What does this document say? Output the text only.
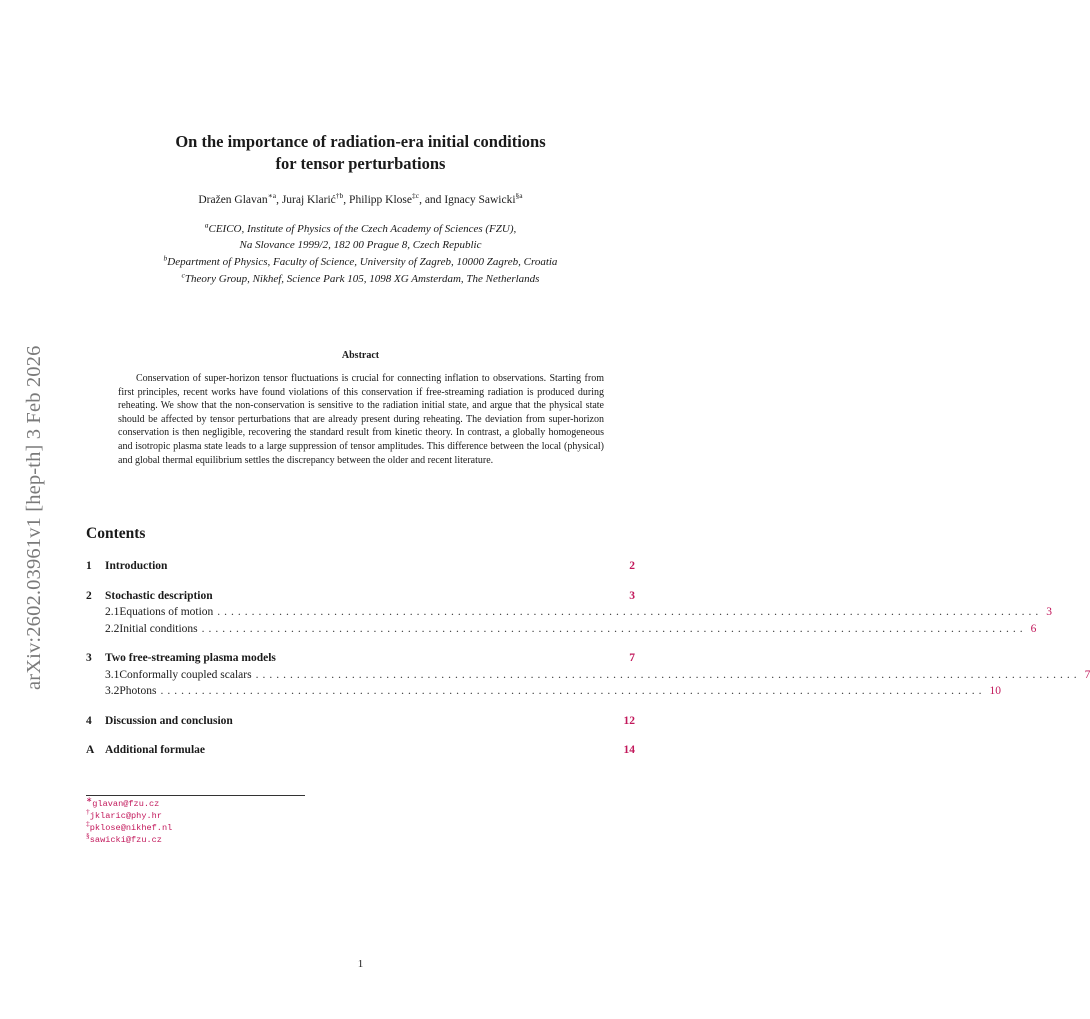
arXiv:2602.03961v1 [hep-th] 3 Feb 2026
On the importance of radiation-era initial conditions
for tensor perturbations
Dražen Glavan$^{∗a}$, Juraj Klarić$^{\dagger b}$, Philipp Klose$^{\ddagger c}$, and Ignacy Sawicki$^{\S a}$
$^a$CEICO, Institute of Physics of the Czech Academy of Sciences (FZU),
Na Slovance 1999/2, 182 00 Prague 8, Czech Republic
$^b$Department of Physics, Faculty of Science, University of Zagreb, 10000 Zagreb, Croatia
$^c$Theory Group, Nikhef, Science Park 105, 1098 XG Amsterdam, The Netherlands
Abstract
Conservation of super-horizon tensor fluctuations is crucial for connecting inflation to observations. Starting from first principles, recent works have found violations of this conservation if free-streaming radiation is produced during reheating. We show that the non-conservation is sensitive to the radiation initial state, and argue that the physical state should be affected by tensor perturbations that are already present during reheating. The deviation from super-horizon conservation is then negligible, recovering the standard result from kinetic theory. In contrast, a globally homogeneous and isotropic plasma state leads to a large suppression of tensor amplitudes. This difference between the local (physical) and global thermal equilibrium settles the discrepancy between the older and recent literature.
Contents
1	Introduction	2
2	Stochastic description	3
2.1 Equations of motion ........................................................................................................................ 3
2.2 Initial conditions ........................................................................................................................ 6
3	Two free-streaming plasma models	7
3.1 Conformally coupled scalars ........................................................................................................................ 7
3.2 Photons ........................................................................................................................ 10
4	Discussion and conclusion	12
A Additional formulae	14
∗glavan@fzu.cz
†jklaric@phy.hr
‡pklose@nikhef.nl
§sawicki@fzu.cz
1
